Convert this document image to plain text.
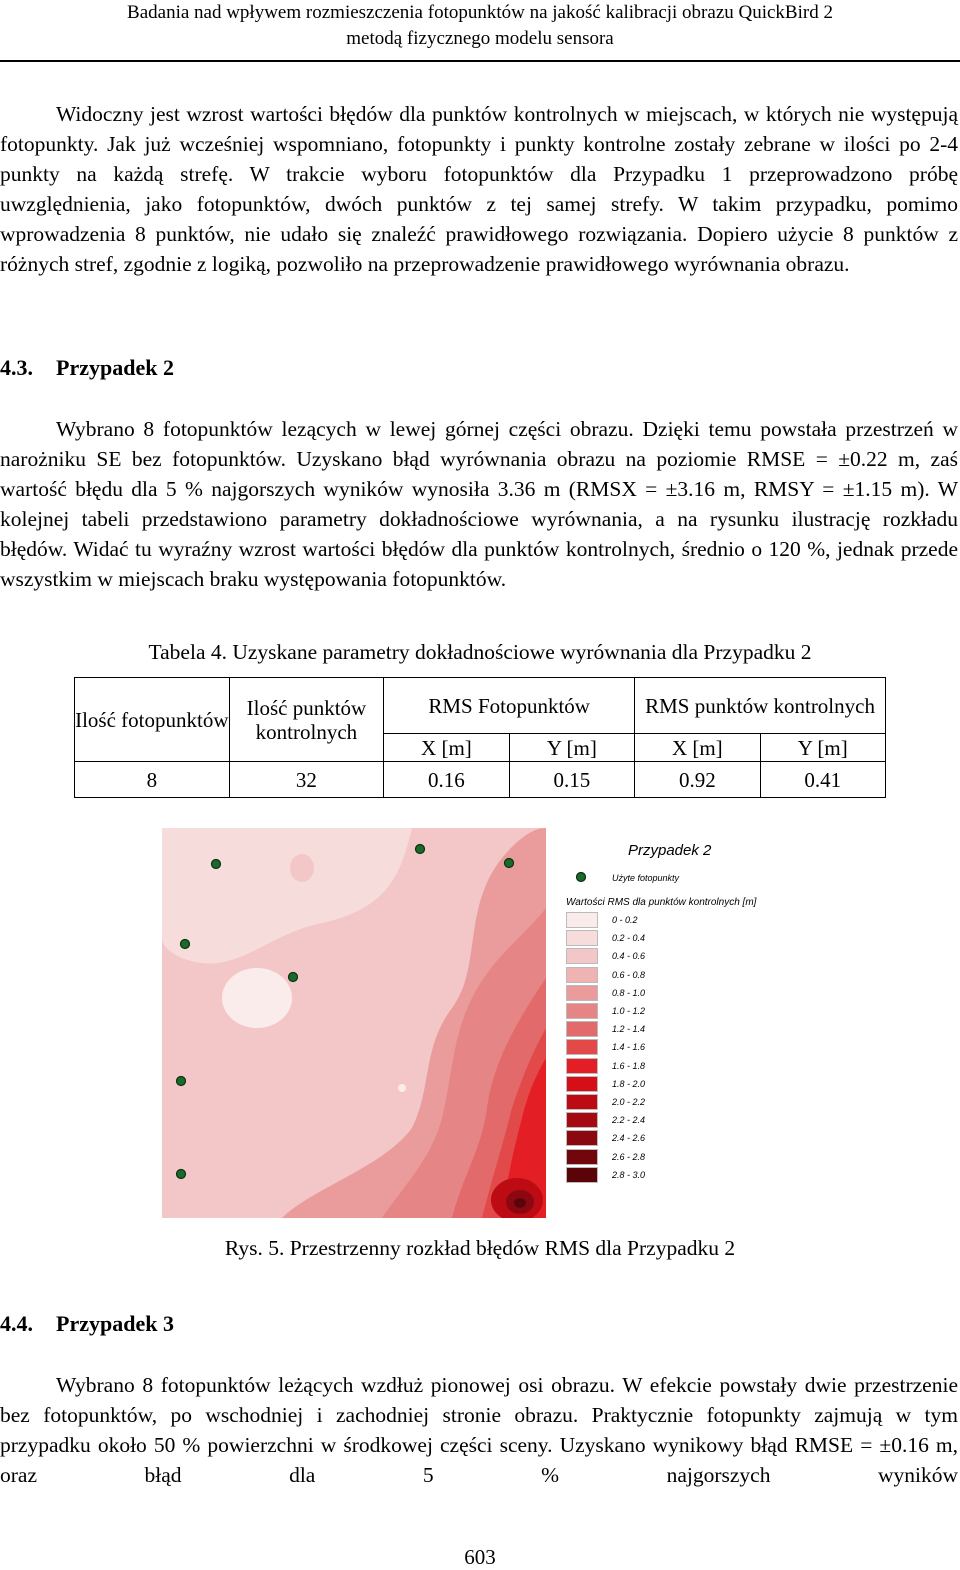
Badania nad wpływem rozmieszczenia fotopunktów na jakość kalibracji obrazu QuickBird 2
metodą fizycznego modelu sensora

Widoczny jest wzrost wartości błędów dla punktów kontrolnych w miejscach, w których nie występują fotopunkty. Jak już wcześniej wspomniano, fotopunkty i punkty kontrolne zostały zebrane w ilości po 2-4 punkty na każdą strefę. W trakcie wyboru fotopunktów dla Przypadku 1 przeprowadzono próbę uwzględnienia, jako fotopunktów, dwóch punktów z tej samej strefy. W takim przypadku, pomimo wprowadzenia 8 punktów, nie udało się znaleźć prawidłowego rozwiązania. Dopiero użycie 8 punktów z różnych stref, zgodnie z logiką, pozwoliło na przeprowadzenie prawidłowego wyrównania obrazu.

4.3. Przypadek 2

Wybrano 8 fotopunktów lezących w lewej górnej części obrazu. Dzięki temu powstała przestrzeń w narożniku SE bez fotopunktów. Uzyskano błąd wyrównania obrazu na poziomie RMSE = ±0.22 m, zaś wartość błędu dla 5 % najgorszych wyników wynosiła 3.36 m (RMSX = ±3.16 m, RMSY = ±1.15 m). W kolejnej tabeli przedstawiono parametry dokładnościowe wyrównania, a na rysunku ilustrację rozkładu błędów. Widać tu wyraźny wzrost wartości błędów dla punktów kontrolnych, średnio o 120 %, jednak przede wszystkim w miejscach braku występowania fotopunktów.

Tabela 4. Uzyskane parametry dokładnościowe wyrównania dla Przypadku 2
Ilość fotopunktów	Ilość punktów kontrolnych	RMS Fotopunktów		RMS punktów kontrolnych	
		X [m]	Y [m]	X [m]	Y [m]
8	32	0.16	0.15	0.92	0.41
Przypadek 2
Użyte fotopunkty
Wartości RMS dla punktów kontrolnych [m]
0 - 0.2
0.2 - 0.4
0.4 - 0.6
0.6 - 0.8
0.8 - 1.0
1.0 - 1.2
1.2 - 1.4
1.4 - 1.6
1.6 - 1.8
1.8 - 2.0
2.0 - 2.2
2.2 - 2.4
2.4 - 2.6
2.6 - 2.8
2.8 - 3.0
Rys. 5. Przestrzenny rozkład błędów RMS dla Przypadku 2
4.4. Przypadek 3

Wybrano 8 fotopunktów leżących wzdłuż pionowej osi obrazu. W efekcie powstały dwie przestrzenie bez fotopunktów, po wschodniej i zachodniej stronie obrazu. Praktycznie fotopunkty zajmują w tym przypadku około 50 % powierzchni w środkowej części sceny. Uzyskano wynikowy błąd RMSE = ±0.16 m, oraz błąd dla 5 % najgorszych wyników

603
